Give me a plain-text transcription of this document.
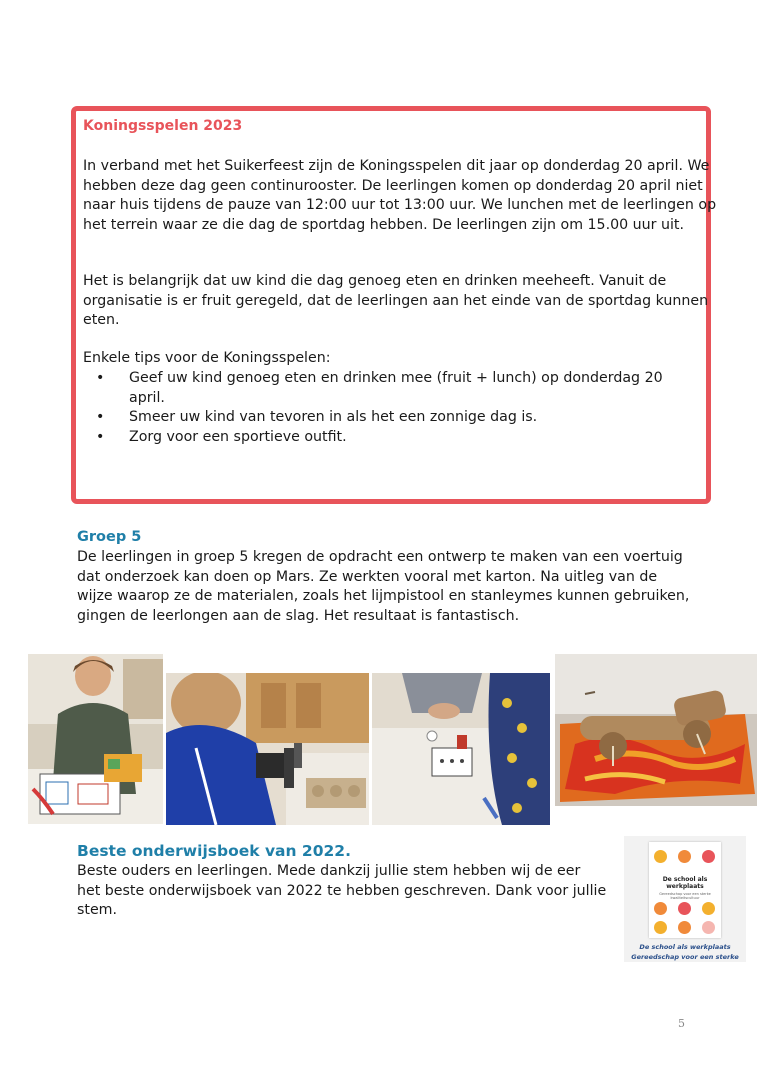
Koningsspelen 2023

In verband met het Suikerfeest zijn de Koningsspelen dit jaar op donderdag 20 april. We hebben deze dag geen continurooster. De leerlingen komen op donderdag 20 april niet naar huis tijdens de pauze van 12:00 uur tot 13:00 uur. We lunchen met de leerlingen op het terrein waar ze die dag de sportdag hebben. De leerlingen zijn om 15.00 uur uit.

Het is belangrijk dat uw kind die dag genoeg eten en drinken meeheeft. Vanuit de organisatie is er fruit geregeld, dat de leerlingen aan het einde van de sportdag kunnen eten.

Enkele tips voor de Koningsspelen:
• Geef uw kind genoeg eten en drinken mee (fruit + lunch) op donderdag 20 april.
• Smeer uw kind van tevoren in als het een zonnige dag is.
• Zorg voor een sportieve outfit.
Groep 5

De leerlingen in groep 5 kregen de opdracht een ontwerp te maken van een voertuig dat onderzoek kan doen op Mars. Ze werkten vooral met karton. Na uitleg van de wijze waarop ze de materialen, zoals het lijmpistool en stanleymes kunnen gebruiken, gingen de leerlongen aan de slag. Het resultaat is fantastisch.

Beste onderwijsboek van 2022.

Beste ouders en leerlingen. Mede dankzij jullie stem hebben wij de eer het beste onderwijsboek van 2022 te hebben geschreven. Dank voor jullie stem.

De school als werkplaats
Gereedschap voor een sterke kwaliteitscultuur
De school als werkplaats
Gereedschap voor een sterke
5
